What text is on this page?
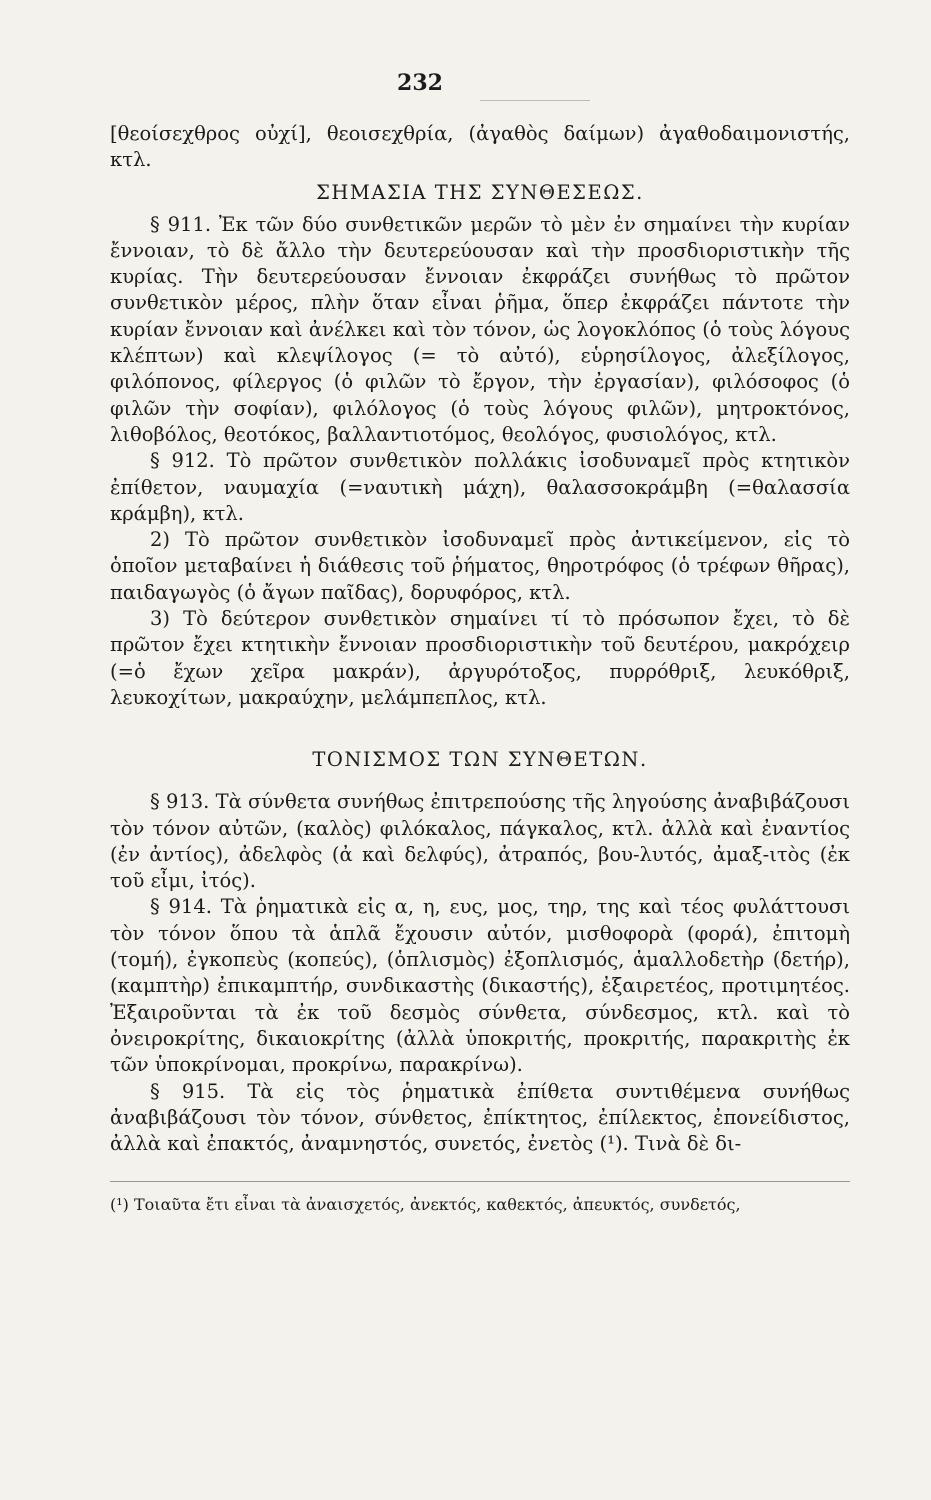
232

[θεοίσεχθρος οὐχί], θεοισεχθρία, (ἀγαθὸς δαίμων) ἀγαθοδαιμονιστής, κτλ.

ΣΗΜΑΣΙΑ ΤΗΣ ΣΥΝΘΕΣΕΩΣ.

§ 911. Ἐκ τῶν δύο συνθετικῶν μερῶν τὸ μὲν ἐν σημαίνει τὴν κυρίαν ἔννοιαν, τὸ δὲ ἄλλο τὴν δευτερεύουσαν καὶ τὴν προσδιοριστικὴν τῆς κυρίας. Τὴν δευτερεύουσαν ἔννοιαν ἐκφράζει συνήθως τὸ πρῶτον συνθετικὸν μέρος, πλὴν ὅταν εἶναι ῥῆμα, ὅπερ ἐκφράζει πάντοτε τὴν κυρίαν ἔννοιαν καὶ ἀνέλκει καὶ τὸν τόνον, ὡς λογοκλόπος (ὁ τοὺς λόγους κλέπτων) καὶ κλεψίλογος (= τὸ αὐτό), εὑρησίλογος, ἀλεξίλογος, φιλόπονος, φίλεργος (ὁ φιλῶν τὸ ἔργον, τὴν ἐργασίαν), φιλόσοφος (ὁ φιλῶν τὴν σοφίαν), φιλόλογος (ὁ τοὺς λόγους φιλῶν), μητροκτόνος, λιθοβόλος, θεοτόκος, βαλλαντιοτόμος, θεολόγος, φυσιολόγος, κτλ.

§ 912. Τὸ πρῶτον συνθετικὸν πολλάκις ἰσοδυναμεῖ πρὸς κτητικὸν ἐπίθετον, ναυμαχία (=ναυτικὴ μάχη), θαλασσοκράμβη (=θαλασσία κράμβη), κτλ.

2) Τὸ πρῶτον συνθετικὸν ἰσοδυναμεῖ πρὸς ἀντικείμενον, εἰς τὸ ὁποῖον μεταβαίνει ἡ διάθεσις τοῦ ῥήματος, θηροτρόφος (ὁ τρέφων θῆρας), παιδαγωγὸς (ὁ ἄγων παῖδας), δορυφόρος, κτλ.

3) Τὸ δεύτερον συνθετικὸν σημαίνει τί τὸ πρόσωπον ἔχει, τὸ δὲ πρῶτον ἔχει κτητικὴν ἔννοιαν προσδιοριστικὴν τοῦ δευτέρου, μακρόχειρ (=ὁ ἔχων χεῖρα μακράν), ἀργυρότοξος, πυρρόθριξ, λευκόθριξ, λευκοχίτων, μακραύχην, μελάμπεπλος, κτλ.

ΤΟΝΙΣΜΟΣ ΤΩΝ ΣΥΝΘΕΤΩΝ.

§ 913. Τὰ σύνθετα συνήθως ἐπιτρεπούσης τῆς ληγούσης ἀναβιβάζουσι τὸν τόνον αὐτῶν, (καλὸς) φιλόκαλος, πάγκαλος, κτλ. ἀλλὰ καὶ ἐναντίος (ἐν ἀντίος), ἀδελφὸς (ἀ καὶ δελφύς), ἀτραπός, βου-λυτός, ἀμαξ-ιτὸς (ἐκ τοῦ εἶμι, ἰτός).

§ 914. Τὰ ῥηματικὰ εἰς α, η, ευς, μος, τηρ, της καὶ τέος φυλάττουσι τὸν τόνον ὅπου τὰ ἁπλᾶ ἔχουσιν αὐτόν, μισθοφορὰ (φορά), ἐπιτομὴ (τομή), ἐγκοπεὺς (κοπεύς), (ὁπλισμὸς) ἐξοπλισμός, ἁμαλλοδετὴρ (δετήρ), (καμπτὴρ) ἐπικαμπτήρ, συνδικαστὴς (δικαστής), ἐξαιρετέος, προτιμητέος. Ἐξαιροῦνται τὰ ἐκ τοῦ δεσμὸς σύνθετα, σύνδεσμος, κτλ. καὶ τὸ ὀνειροκρίτης, δικαιοκρίτης (ἀλλὰ ὑποκριτής, προκριτής, παρακριτὴς ἐκ τῶν ὑποκρίνομαι, προκρίνω, παρακρίνω).

§ 915. Τὰ εἰς τὸς ῥηματικὰ ἐπίθετα συντιθέμενα συνήθως ἀναβιβάζουσι τὸν τόνον, σύνθετος, ἐπίκτητος, ἐπίλεκτος, ἐπονείδιστος, ἀλλὰ καὶ ἐπακτός, ἀναμνηστός, συνετός, ἐνετὸς (¹). Τινὰ δὲ δι-

(¹) Τοιαῦτα ἔτι εἶναι τὰ ἀναισχετός, ἀνεκτός, καθεκτός, ἀπευκτός, συνδετός,
